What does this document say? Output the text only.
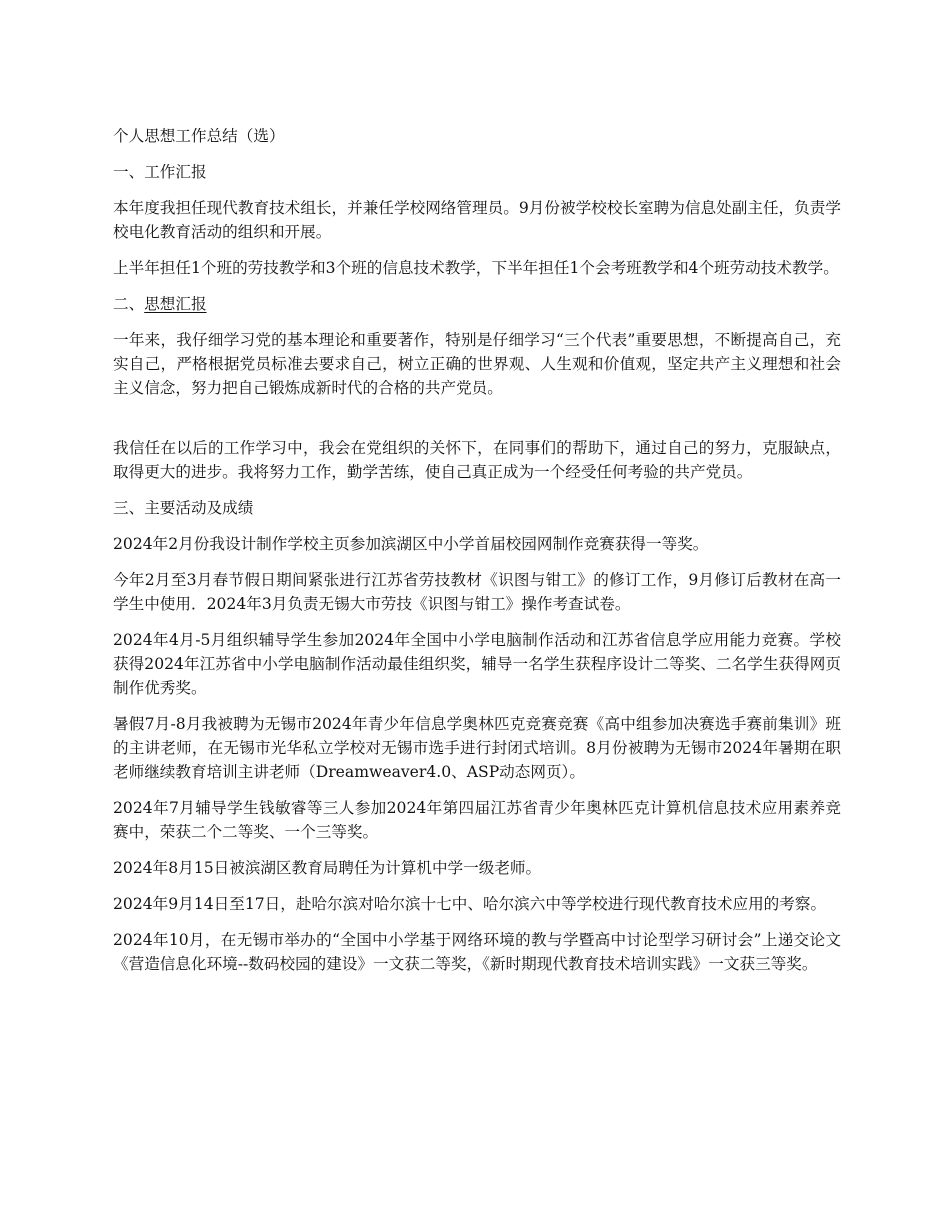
个人思想工作总结（选）

一、工作汇报

本年度我担任现代教育技术组长，并兼任学校网络管理员。9月份被学校校长室聘为信息处副主任，负责学校电化教育活动的组织和开展。

上半年担任1个班的劳技教学和3个班的信息技术教学，下半年担任1个会考班教学和4个班劳动技术教学。

二、思想汇报

一年来，我仔细学习党的基本理论和重要著作，特别是仔细学习“三个代表”重要思想，不断提高自己，充实自己，严格根据党员标准去要求自己，树立正确的世界观、人生观和价值观，坚定共产主义理想和社会主义信念，努力把自己锻炼成新时代的合格的共产党员。

我信任在以后的工作学习中，我会在党组织的关怀下，在同事们的帮助下，通过自己的努力，克服缺点，取得更大的进步。我将努力工作，勤学苦练，使自己真正成为一个经受任何考验的共产党员。

三、主要活动及成绩

2024年2月份我设计制作学校主页参加滨湖区中小学首届校园网制作竞赛获得一等奖。

今年2月至3月春节假日期间紧张进行江苏省劳技教材《识图与钳工》的修订工作，9月修订后教材在高一学生中使用．2024年3月负责无锡大市劳技《识图与钳工》操作考查试卷。

2024年4月-5月组织辅导学生参加2024年全国中小学电脑制作活动和江苏省信息学应用能力竞赛。学校获得2024年江苏省中小学电脑制作活动最佳组织奖，辅导一名学生获程序设计二等奖、二名学生获得网页制作优秀奖。

暑假7月-8月我被聘为无锡市2024年青少年信息学奥林匹克竞赛竞赛《高中组参加决赛选手赛前集训》班的主讲老师，在无锡市光华私立学校对无锡市选手进行封闭式培训。8月份被聘为无锡市2024年暑期在职老师继续教育培训主讲老师（Dreamweaver4.0、ASP动态网页）。

2024年7月辅导学生钱敏睿等三人参加2024年第四届江苏省青少年奥林匹克计算机信息技术应用素养竞赛中，荣获二个二等奖、一个三等奖。

2024年8月15日被滨湖区教育局聘任为计算机中学一级老师。

2024年9月14日至17日，赴哈尔滨对哈尔滨十七中、哈尔滨六中等学校进行现代教育技术应用的考察。

2024年10月，在无锡市举办的“全国中小学基于网络环境的教与学暨高中讨论型学习研讨会”上递交论文《营造信息化环境--数码校园的建设》一文获二等奖，《新时期现代教育技术培训实践》一文获三等奖。
